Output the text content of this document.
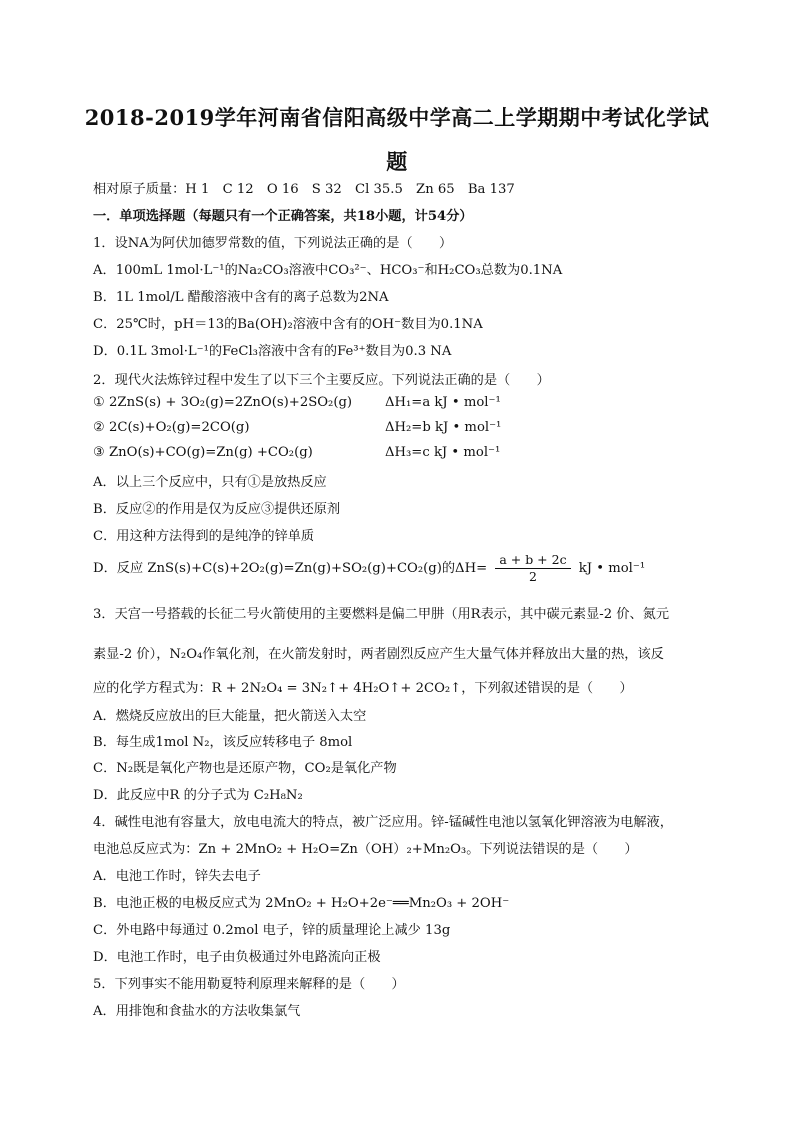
2018-2019学年河南省信阳高级中学高二上学期期中考试化学试
题
相对原子质量：H 1　C 12　O 16　S 32　Cl 35.5　Zn 65　Ba 137
一．单项选择题（每题只有一个正确答案，共18小题，计54分）
1．设NA为阿伏加德罗常数的值，下列说法正确的是（　　）
A．100mL 1mol·L⁻¹的Na₂CO₃溶液中CO₃²⁻、HCO₃⁻和H₂CO₃总数为0.1NA
B．1L 1mol/L 醋酸溶液中含有的离子总数为2NA
C．25℃时，pH＝13的Ba(OH)₂溶液中含有的OH⁻数目为0.1NA
D．0.1L 3mol·L⁻¹的FeCl₃溶液中含有的Fe³⁺数目为0.3 NA
2．现代火法炼锌过程中发生了以下三个主要反应。下列说法正确的是（　　）
① 2ZnS(s) + 3O₂(g)=2ZnO(s)+2SO₂(g) ΔH₁=a kJ • mol⁻¹
② 2C(s)+O₂(g)=2CO(g)	ΔH₂=b kJ • mol⁻¹
③ ZnO(s)+CO(g)=Zn(g) +CO₂(g)	ΔH₃=c kJ • mol⁻¹
A．以上三个反应中，只有①是放热反应
B．反应②的作用是仅为反应③提供还原剂
C．用这种方法得到的是纯净的锌单质
D．反应 ZnS(s)+C(s)+2O₂(g)=Zn(g)+SO₂(g)+CO₂(g)的$\Delta H= \frac{a + b + 2c}{2}$ kJ • mol⁻¹
3．天宫一号搭载的长征二号火箭使用的主要燃料是偏二甲肼（用R表示，其中碳元素显-2 价、氮元
素显-2 价），N₂O₄作氧化剂，在火箭发射时，两者剧烈反应产生大量气体并释放出大量的热，该反
应的化学方程式为：R + 2N₂O₄ = 3N₂↑+ 4H₂O↑+ 2CO₂↑，下列叙述错误的是（　　）
A．燃烧反应放出的巨大能量，把火箭送入太空
B．每生成1mol N₂，该反应转移电子 8mol
C．N₂既是氧化产物也是还原产物，CO₂是氧化产物
D．此反应中R 的分子式为 C₂H₈N₂
4．碱性电池有容量大，放电电流大的特点，被广泛应用。锌-锰碱性电池以氢氧化钾溶液为电解液，
电池总反应式为：Zn + 2MnO₂ + H₂O=Zn（OH）₂+Mn₂O₃。下列说法错误的是（　　）
A．电池工作时，锌失去电子
B．电池正极的电极反应式为 2MnO₂ + H₂O+2e⁻══Mn₂O₃ + 2OH⁻
C．外电路中每通过 0.2mol 电子，锌的质量理论上减少 13g
D．电池工作时，电子由负极通过外电路流向正极
5．下列事实不能用勒夏特利原理来解释的是（　　）
A．用排饱和食盐水的方法收集氯气
